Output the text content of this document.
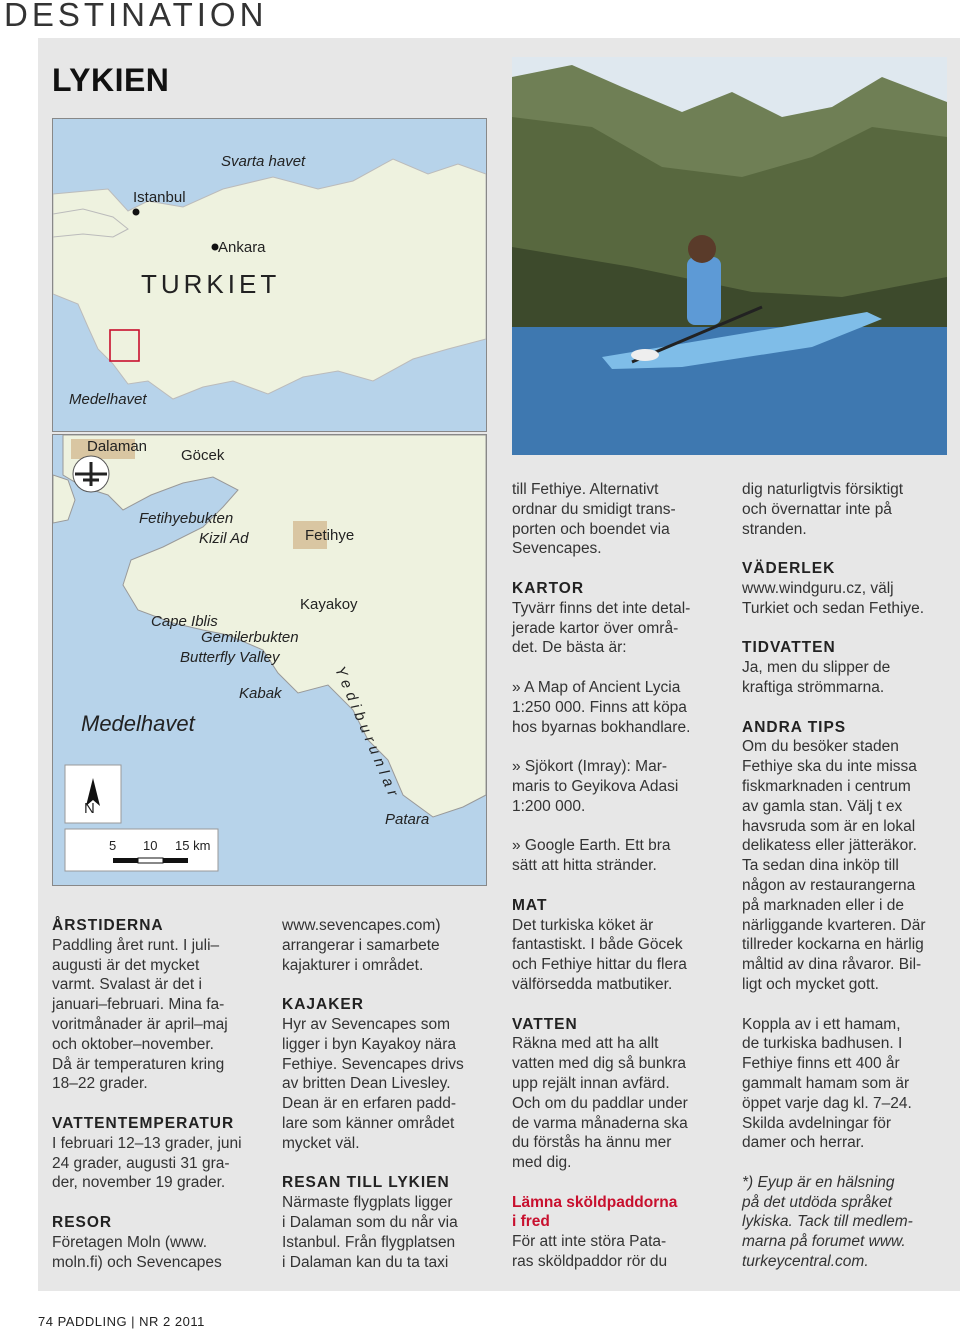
DESTINATION
LYKIEN
Svarta havet
Istanbul
Ankara
TURKIET
Medelhavet
Dalaman
Göcek
Fetihyebukten
Kizil Ad	Fetihye
Kayakoy
Cape Iblis
Gemilerbukten
Butterfly Valley
Kabak	Yediburunlar
Medelhavet
Patara
N
5 10 15 km

ÅRSTIDERNA

Paddling året runt. I juli–

augusti är det mycket

varmt. Svalast är det i

januari–februari. Mina fa-

voritmånader är april–maj

och oktober–november.

Då är temperaturen kring

18–22 grader.

VATTENTEMPERATUR

I februari 12–13 grader, juni

24 grader, augusti 31 gra-

der, november 19 grader.

RESOR

Företagen Moln (www.

moln.fi) och Sevencapes

www.sevencapes.com)

arrangerar i samarbete

kajakturer i området.

KAJAKER

Hyr av Sevencapes som

ligger i byn Kayakoy nära

Fethiye. Sevencapes drivs

av britten Dean Livesley.

Dean är en erfaren padd-

lare som känner området

mycket väl.

RESAN TILL LYKIEN

Närmaste flygplats ligger

i Dalaman som du når via

Istanbul. Från flygplatsen

i Dalaman kan du ta taxi

till Fethiye. Alternativt

ordnar du smidigt trans-

porten och boendet via

Sevencapes.

KARTOR

Tyvärr finns det inte detal-

jerade kartor över områ-

det. De bästa är:

» A Map of Ancient Lycia

1:250 000. Finns att köpa

hos byarnas bokhandlare.

» Sjökort (Imray): Mar-

maris to Geyikova Adasi

1:200 000.

» Google Earth. Ett bra

sätt att hitta stränder.

MAT

Det turkiska köket är

fantastiskt. I både Göcek

och Fethiye hittar du flera

välförsedda matbutiker.

VATTEN

Räkna med att ha allt

vatten med dig så bunkra

upp rejält innan avfärd.

Och om du paddlar under

de varma månaderna ska

du förstås ha ännu mer

med dig.

Lämna sköldpaddorna

i fred

För att inte störa Pata-

ras sköldpaddor rör du

dig naturligtvis försiktigt

och övernattar inte på

stranden.

VÄDERLEK

www.windguru.cz, välj

Turkiet och sedan Fethiye.

TIDVATTEN

Ja, men du slipper de

kraftiga strömmarna.

ANDRA TIPS

Om du besöker staden

Fethiye ska du inte missa

fiskmarknaden i centrum

av gamla stan. Välj t ex

havsruda som är en lokal

delikatess eller jätteräkor.

Ta sedan dina inköp till

någon av restaurangerna

på marknaden eller i de

närliggande kvarteren. Där

tillreder kockarna en härlig

måltid av dina råvaror. Bil-

ligt och mycket gott.

Koppla av i ett hamam,

de turkiska badhusen. I

Fethiye finns ett 400 år

gammalt hamam som är

öppet varje dag kl. 7–24.

Skilda avdelningar för

damer och herrar.

*) Eyup är en hälsning

på det utdöda språket

lykiska. Tack till medlem-

marna på forumet www.

turkeycentral.com.

74 PADDLING | NR 2 2011
